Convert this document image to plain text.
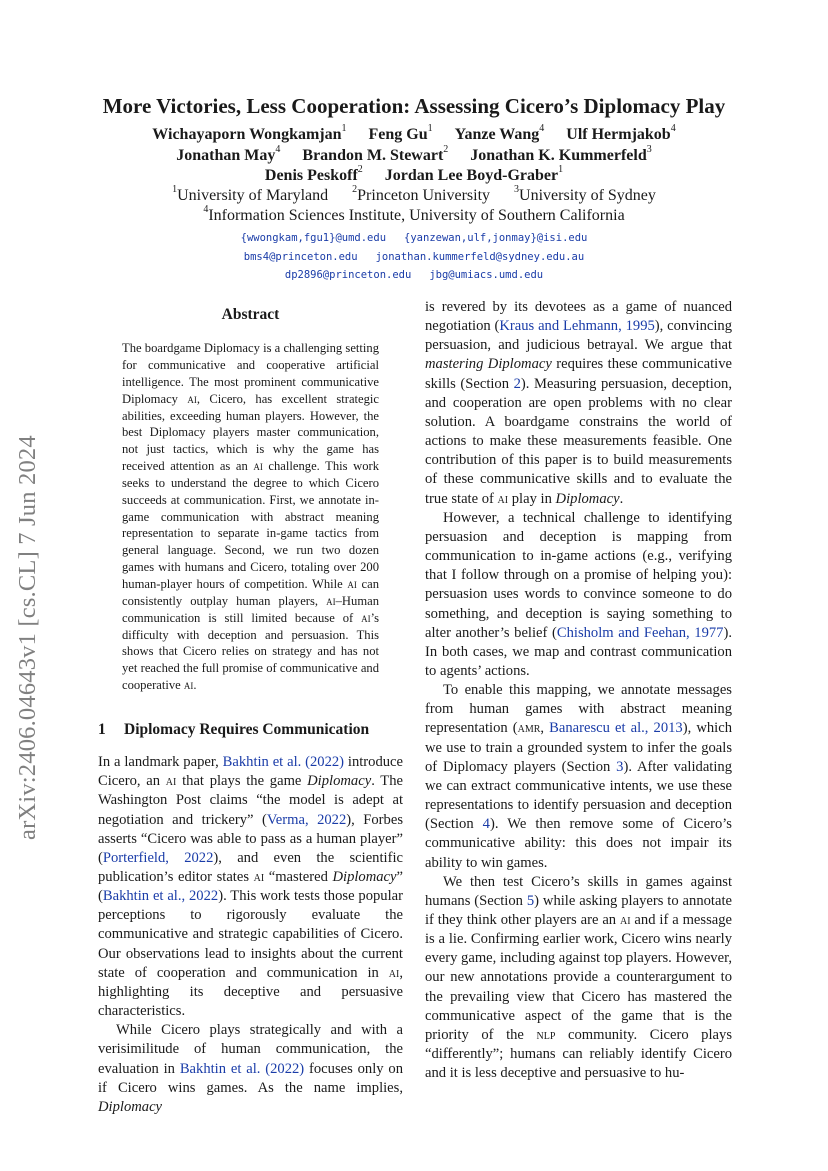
arXiv:2406.04643v1 [cs.CL] 7 Jun 2024
More Victories, Less Cooperation: Assessing Cicero’s Diplomacy Play
Wichayaporn Wongkamjan$^1$ Feng Gu$^1$ Yanze Wang$^4$ Ulf Hermjakob$^4$
Jonathan May$^4$ Brandon M. Stewart$^2$ Jonathan K. Kummerfeld$^3$
Denis Peskoff$^2$ Jordan Lee Boyd-Graber$^1$
$^1$University of Maryland $^2$Princeton University $^3$University of Sydney
$^4$Information Sciences Institute, University of Southern California
{wwongkam,fgu1}@umd.edu {yanzewan,ulf,jonmay}@isi.edu
bms4@princeton.edu jonathan.kummerfeld@sydney.edu.au
dp2896@princeton.edu jbg@umiacs.umd.edu
Abstract
The boardgame Diplomacy is a challenging setting for communicative and cooperative artificial intelligence. The most prominent communicative Diplomacy ai, Cicero, has excellent strategic abilities, exceeding human players. However, the best Diplomacy players master communication, not just tactics, which is why the game has received attention as an ai challenge. This work seeks to understand the degree to which Cicero succeeds at communication. First, we annotate in-game communication with abstract meaning representation to separate in-game tactics from general language. Second, we run two dozen games with humans and Cicero, totaling over 200 human-player hours of competition. While ai can consistently outplay human players, ai–Human communication is still limited because of ai’s difficulty with deception and persuasion. This shows that Cicero relies on strategy and has not yet reached the full promise of communicative and cooperative ai.
1 Diplomacy Requires Communication

In a landmark paper, Bakhtin et al. (2022) introduce Cicero, an ai that plays the game Diplomacy. The Washington Post claims “the model is adept at negotiation and trickery” (Verma, 2022), Forbes asserts “Cicero was able to pass as a human player” (Porterfield, 2022), and even the scientific publication’s editor states ai “mastered Diplomacy” (Bakhtin et al., 2022). This work tests those popular perceptions to rigorously evaluate the communicative and strategic capabilities of Cicero. Our observations lead to insights about the current state of cooperation and communication in ai, highlighting its deceptive and persuasive characteristics.

While Cicero plays strategically and with a verisimilitude of human communication, the evaluation in Bakhtin et al. (2022) focuses only on if Cicero wins games. As the name implies, Diplomacy

is revered by its devotees as a game of nuanced negotiation (Kraus and Lehmann, 1995), convincing persuasion, and judicious betrayal. We argue that mastering Diplomacy requires these communicative skills (Section 2). Measuring persuasion, deception, and cooperation are open problems with no clear solution. A boardgame constrains the world of actions to make these measurements feasible. One contribution of this paper is to build measurements of these communicative skills and to evaluate the true state of ai play in Diplomacy.

However, a technical challenge to identifying persuasion and deception is mapping from communication to in-game actions (e.g., verifying that I follow through on a promise of helping you): persuasion uses words to convince someone to do something, and deception is saying something to alter another’s belief (Chisholm and Feehan, 1977). In both cases, we map and contrast communication to agents’ actions.

To enable this mapping, we annotate messages from human games with abstract meaning representation (amr, Banarescu et al., 2013), which we use to train a grounded system to infer the goals of Diplomacy players (Section 3). After validating we can extract communicative intents, we use these representations to identify persuasion and deception (Section 4). We then remove some of Cicero’s communicative ability: this does not impair its ability to win games.

We then test Cicero’s skills in games against humans (Section 5) while asking players to annotate if they think other players are an ai and if a message is a lie. Confirming earlier work, Cicero wins nearly every game, including against top players. However, our new annotations provide a counterargument to the prevailing view that Cicero has mastered the communicative aspect of the game that is the priority of the nlp community. Cicero plays “differently”; humans can reliably identify Cicero and it is less deceptive and persuasive to hu-
